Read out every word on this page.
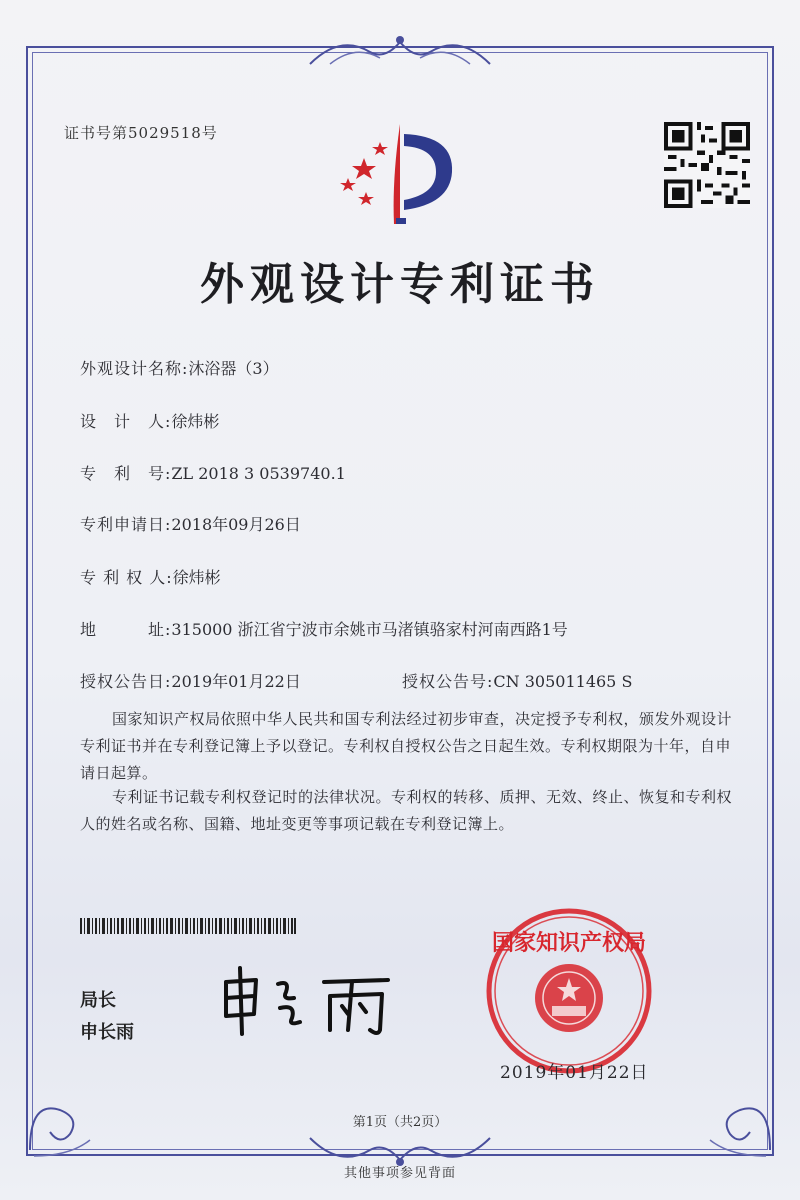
证书号第5029518号
外观设计专利证书
外观设计名称:沐浴器（3）
设　计　人:徐炜彬
专　利　号:ZL 2018 3 0539740.1
专利申请日:2018年09月26日
专 利 权 人:徐炜彬
地　　　址:315000 浙江省宁波市余姚市马渚镇骆家村河南西路1号
授权公告日:2019年01月22日	授权公告号:CN 305011465 S
国家知识产权局依照中华人民共和国专利法经过初步审查，决定授予专利权，颁发外观设计专利证书并在专利登记簿上予以登记。专利权自授权公告之日起生效。专利权期限为十年，自申请日起算。
专利证书记载专利权登记时的法律状况。专利权的转移、质押、无效、终止、恢复和专利权人的姓名或名称、国籍、地址变更等事项记载在专利登记簿上。
局长
申长雨
国家知识产权局
2019年01月22日
第1页（共2页）
其他事项参见背面
